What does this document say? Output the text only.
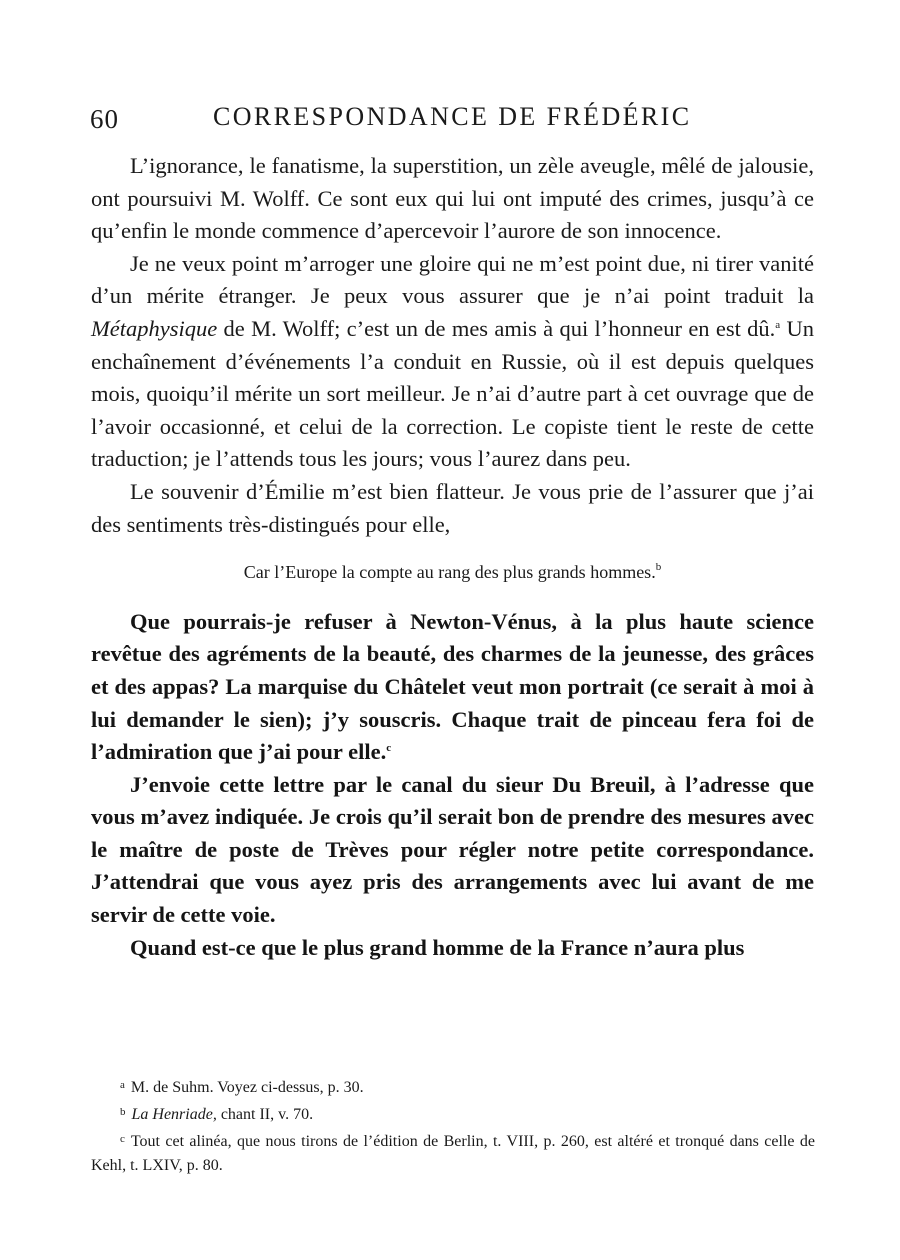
60	CORRESPONDANCE DE FRÉDÉRIC

L’ignorance, le fanatisme, la superstition, un zèle aveugle, mêlé de jalousie, ont poursuivi M. Wolff. Ce sont eux qui lui ont imputé des crimes, jusqu’à ce qu’enfin le monde commence d’apercevoir l’aurore de son innocence.

Je ne veux point m’arroger une gloire qui ne m’est point due, ni tirer vanité d’un mérite étranger. Je peux vous assurer que je n’ai point traduit la Métaphysique de M. Wolff; c’est un de mes amis à qui l’honneur en est dû.$^a$ Un enchaînement d’événements l’a conduit en Russie, où il est depuis quelques mois, quoiqu’il mérite un sort meilleur. Je n’ai d’autre part à cet ouvrage que de l’avoir occasionné, et celui de la correction. Le copiste tient le reste de cette traduction; je l’attends tous les jours; vous l’aurez dans peu.

Le souvenir d’Émilie m’est bien flatteur. Je vous prie de l’assurer que j’ai des sentiments très-distingués pour elle,

Car l’Europe la compte au rang des plus grands hommes.$^b$

Que pourrais-je refuser à Newton-Vénus, à la plus haute science revêtue des agréments de la beauté, des charmes de la jeunesse, des grâces et des appas? La marquise du Châtelet veut mon portrait (ce serait à moi à lui demander le sien); j’y souscris. Chaque trait de pinceau fera foi de l’admiration que j’ai pour elle.$^c$

J’envoie cette lettre par le canal du sieur Du Breuil, à l’adresse que vous m’avez indiquée. Je crois qu’il serait bon de prendre des mesures avec le maître de poste de Trèves pour régler notre petite correspondance. J’attendrai que vous ayez pris des arrangements avec lui avant de me servir de cette voie.

Quand est-ce que le plus grand homme de la France n’aura plus

$^a$ M. de Suhm. Voyez ci-dessus, p. 30.
$^b$ La Henriade, chant II, v. 70.
$^c$ Tout cet alinéa, que nous tirons de l’édition de Berlin, t. VIII, p. 260, est altéré et tronqué dans celle de Kehl, t. LXIV, p. 80.
